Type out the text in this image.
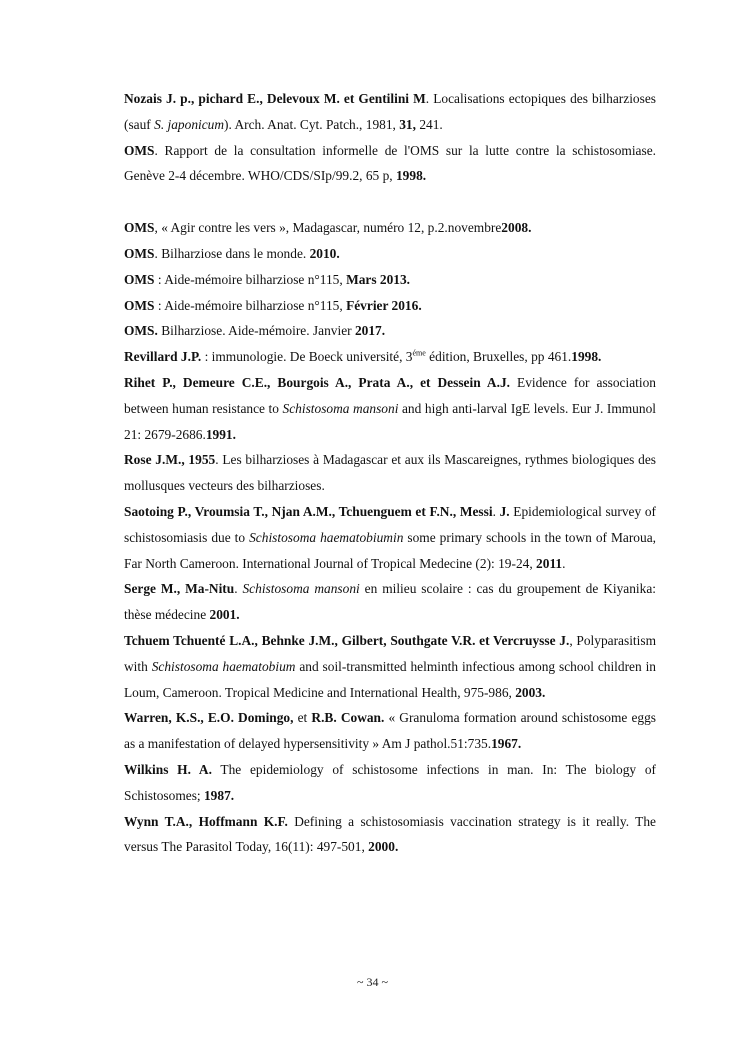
Nozais J. p., pichard E., Delevoux M. et Gentilini M. Localisations ectopiques des bilharzioses (sauf S. japonicum). Arch. Anat. Cyt. Patch., 1981, 31, 241.

OMS. Rapport de la consultation informelle de l'OMS sur la lutte contre la schistosomiase. Genève 2-4 décembre. WHO/CDS/SIp/99.2, 65 p, 1998.

OMS, « Agir contre les vers », Madagascar, numéro 12, p.2.novembre2008.

OMS. Bilharziose dans le monde. 2010.

OMS : Aide-mémoire bilharziose n°115, Mars 2013.

OMS : Aide-mémoire bilharziose n°115, Février 2016.

OMS. Bilharziose. Aide-mémoire. Janvier 2017.

Revillard J.P. : immunologie. De Boeck université, $3^{éme}$ édition, Bruxelles, pp 461.1998.

Rihet P., Demeure C.E., Bourgois A., Prata A., et Dessein A.J. Evidence for association between human resistance to Schistosoma mansoni and high anti-larval IgE levels. Eur J. Immunol 21: 2679-2686.1991.

Rose J.M., 1955. Les bilharzioses à Madagascar et aux ils Mascareignes, rythmes biologiques des mollusques vecteurs des bilharzioses.

Saotoing P., Vroumsia T., Njan A.M., Tchuenguem et F.N., Messi. J. Epidemiological survey of schistosomiasis due to Schistosoma haematobiumin some primary schools in the town of Maroua, Far North Cameroon. International Journal of Tropical Medecine (2): 19-24, 2011.

Serge M., Ma-Nitu. Schistosoma mansoni en milieu scolaire : cas du groupement de Kiyanika: thèse médecine 2001.

Tchuem Tchuenté L.A., Behnke J.M., Gilbert, Southgate V.R. et Vercruysse J., Polyparasitism with Schistosoma haematobium and soil-transmitted helminth infectious among school children in Loum, Cameroon. Tropical Medicine and International Health, 975-986, 2003.

Warren, K.S., E.O. Domingo, et R.B. Cowan. « Granuloma formation around schistosome eggs as a manifestation of delayed hypersensitivity » Am J pathol.51:735.1967.

Wilkins H. A. The epidemiology of schistosome infections in man. In: The biology of Schistosomes; 1987.

Wynn T.A., Hoffmann K.F. Defining a schistosomiasis vaccination strategy is it really. The versus The Parasitol Today, 16(11): 497-501, 2000.

~ 34 ~
